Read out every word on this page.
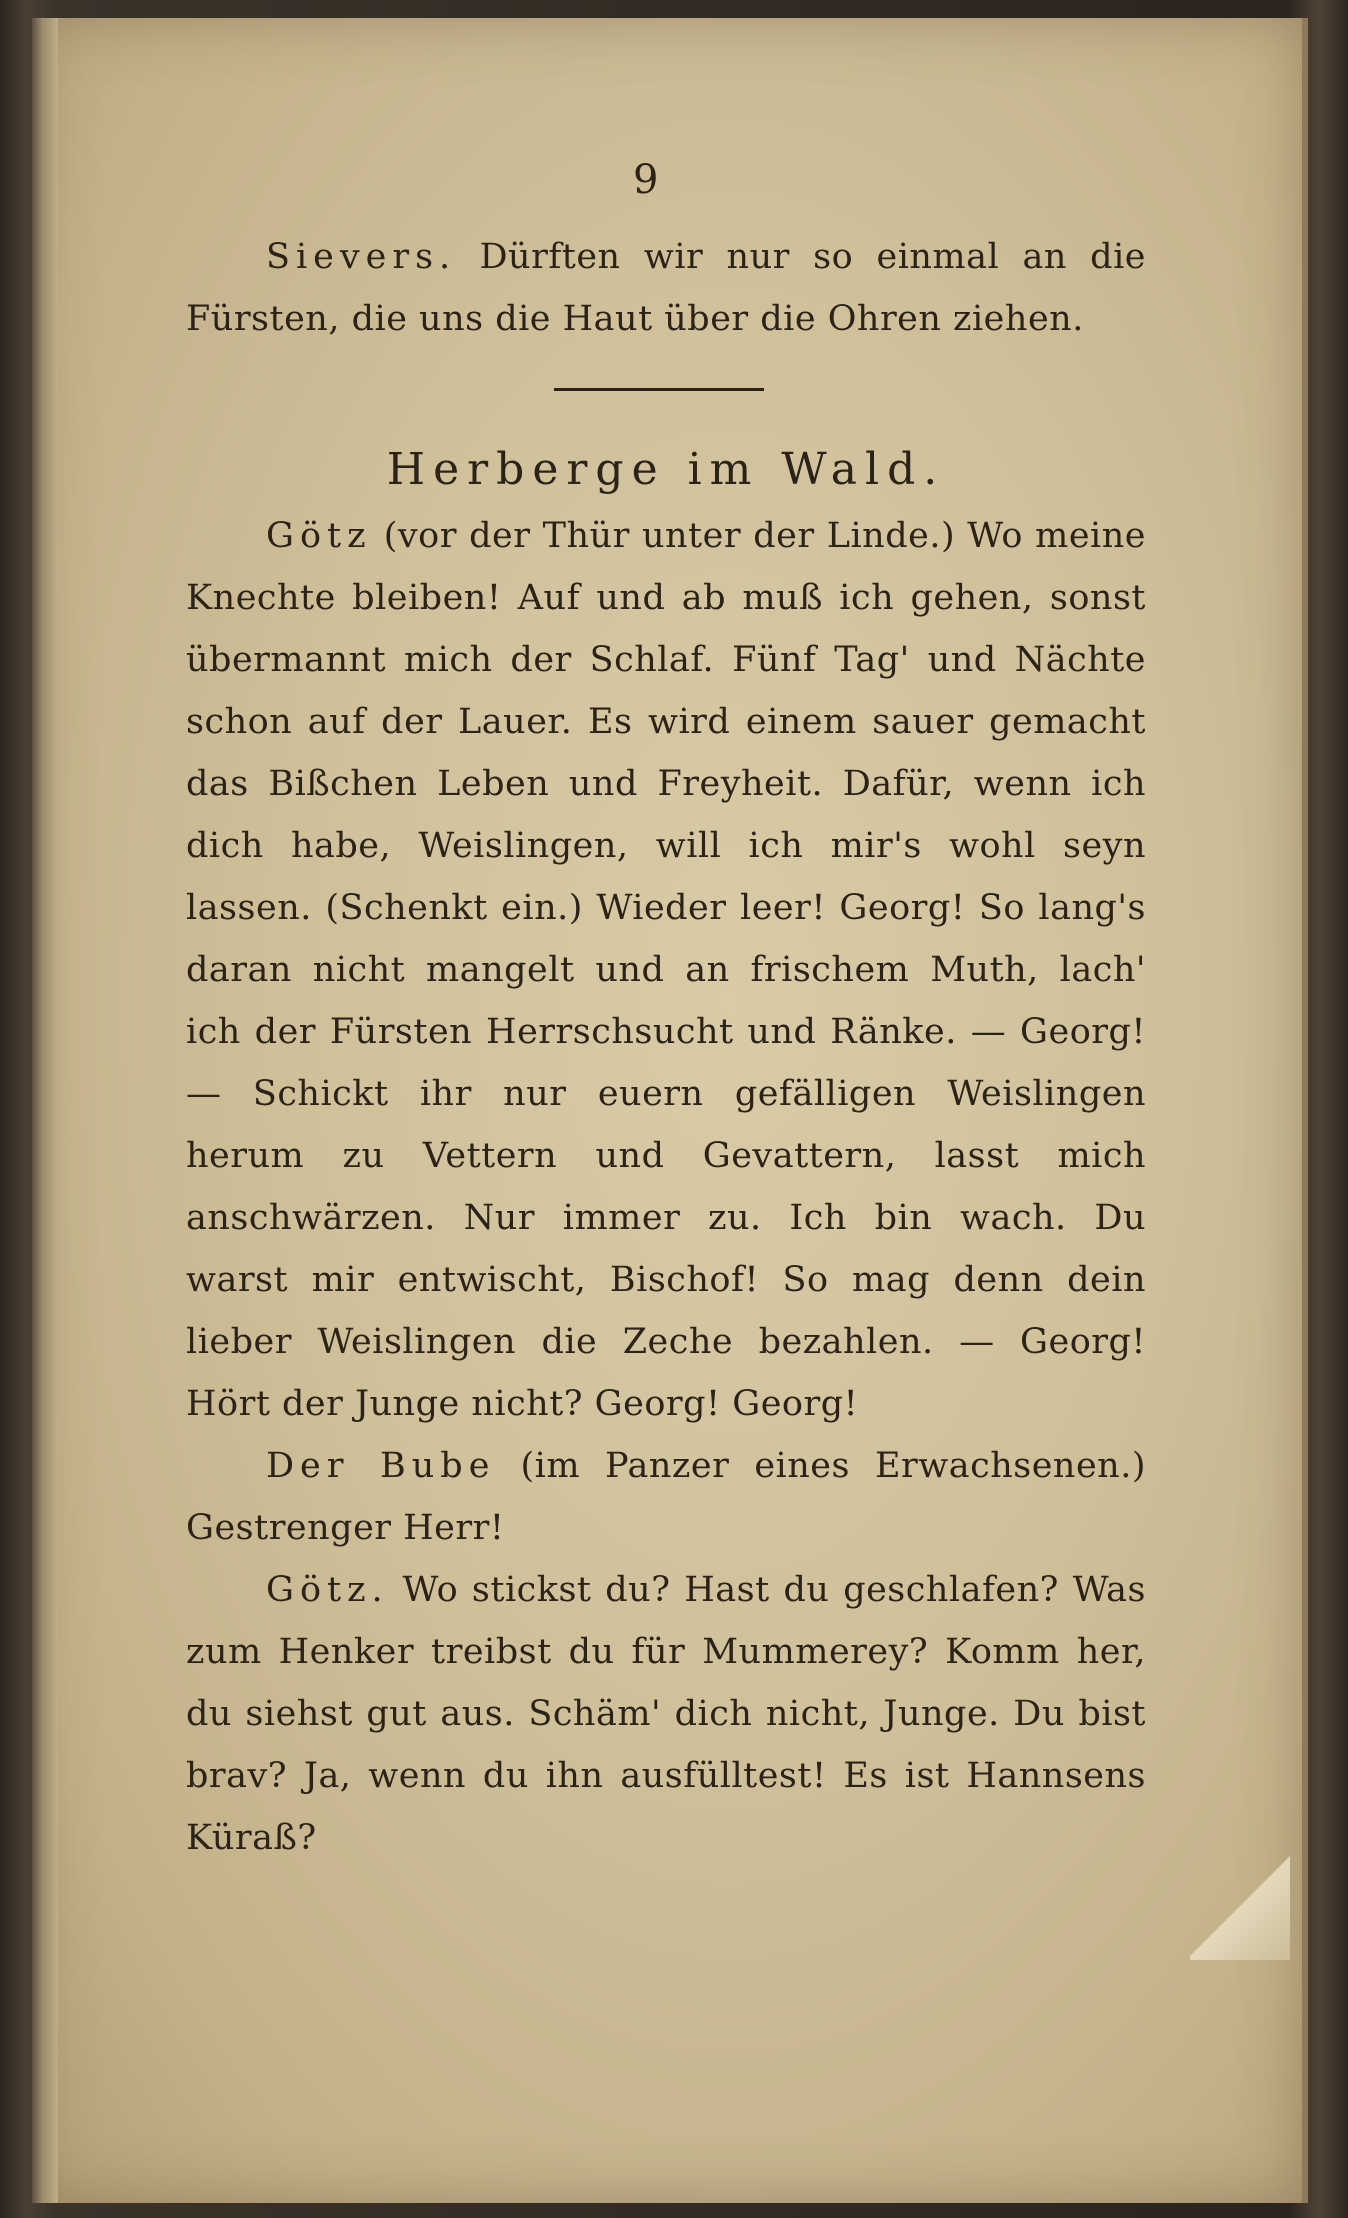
9

Sievers. Dürften wir nur so einmal an die Fürsten, die uns die Haut über die Ohren ziehen.

Herberge im Wald.

Götz (vor der Thür unter der Linde.) Wo meine Knechte bleiben! Auf und ab muß ich gehen, sonst übermannt mich der Schlaf. Fünf Tag' und Nächte schon auf der Lauer. Es wird einem sauer gemacht das Bißchen Leben und Freyheit. Dafür, wenn ich dich habe, Weislingen, will ich mir's wohl seyn lassen. (Schenkt ein.) Wieder leer! Georg! So lang's daran nicht mangelt und an frischem Muth, lach' ich der Fürsten Herrschsucht und Ränke. — Georg! — Schickt ihr nur euern gefälligen Weislingen herum zu Vettern und Gevattern, lasst mich anschwärzen. Nur immer zu. Ich bin wach. Du warst mir entwischt, Bischof! So mag denn dein lieber Weislingen die Zeche bezahlen. — Georg! Hört der Junge nicht? Georg! Georg!

Der Bube (im Panzer eines Erwachsenen.) Gestrenger Herr!

Götz. Wo stickst du? Hast du geschlafen? Was zum Henker treibst du für Mummerey? Komm her, du siehst gut aus. Schäm' dich nicht, Junge. Du bist brav? Ja, wenn du ihn ausfülltest! Es ist Hannsens Küraß?
